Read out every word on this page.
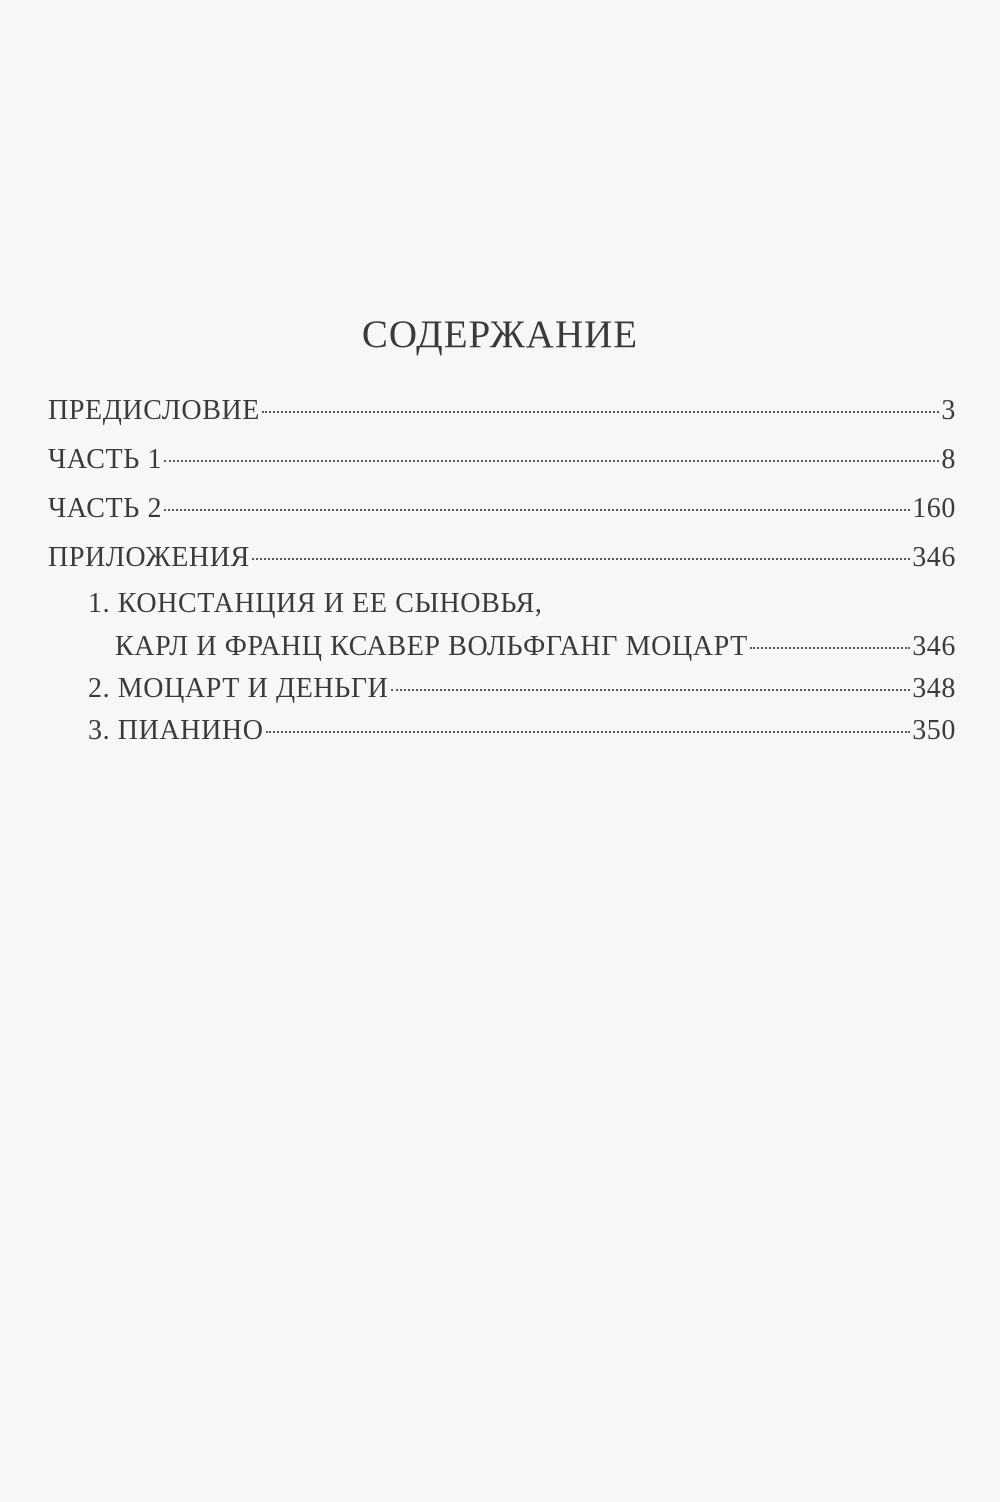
СОДЕРЖАНИЕ
ПРЕДИСЛОВИЕ	3
ЧАСТЬ 1	8
ЧАСТЬ 2	160
ПРИЛОЖЕНИЯ	346
1. КОНСТАНЦИЯ И ЕЕ СЫНОВЬЯ,
КАРЛ И ФРАНЦ КСАВЕР ВОЛЬФГАНГ МОЦАРТ	346
2. МОЦАРТ И ДЕНЬГИ	348
3. ПИАНИНО	350
